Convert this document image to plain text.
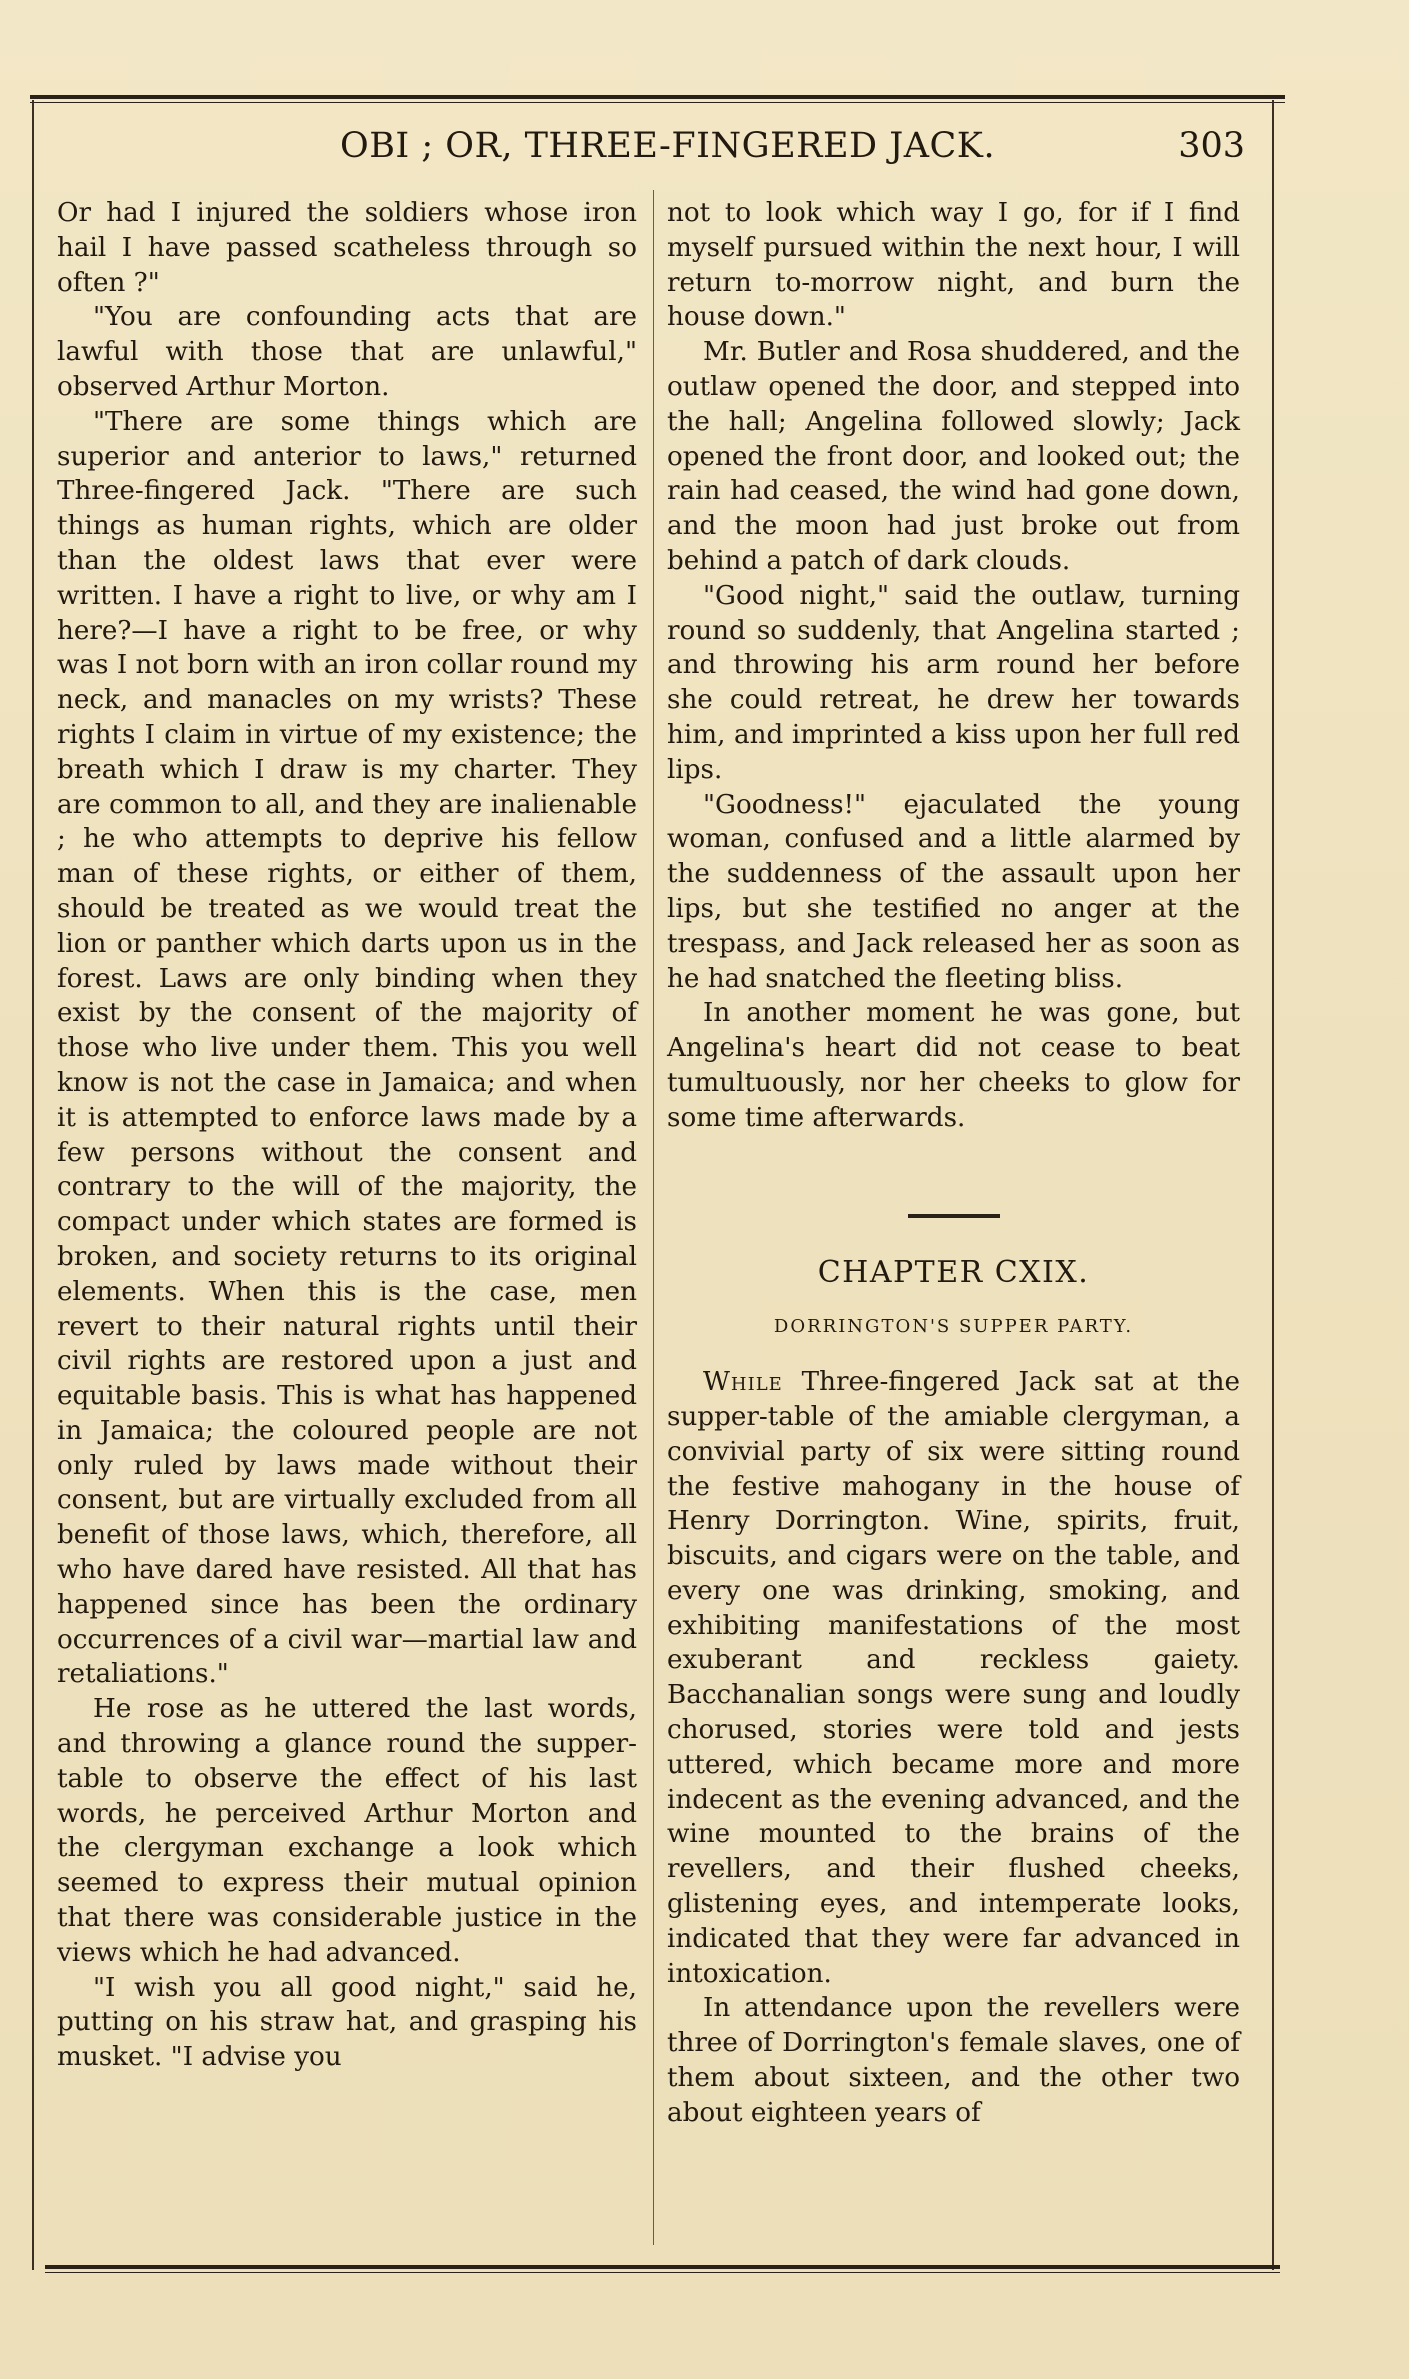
OBI ; OR, THREE-FINGERED JACK.	303

Or had I injured the soldiers whose iron hail I have passed scatheless through so often ?"

"You are confounding acts that are lawful with those that are unlawful," observed Arthur Morton.

"There are some things which are superior and anterior to laws," returned Three-fingered Jack. "There are such things as human rights, which are older than the oldest laws that ever were written. I have a right to live, or why am I here?—I have a right to be free, or why was I not born with an iron collar round my neck, and manacles on my wrists? These rights I claim in virtue of my existence; the breath which I draw is my charter. They are common to all, and they are inalienable ; he who attempts to deprive his fellow man of these rights, or either of them, should be treated as we would treat the lion or panther which darts upon us in the forest. Laws are only binding when they exist by the consent of the majority of those who live under them. This you well know is not the case in Jamaica; and when it is attempted to enforce laws made by a few persons without the consent and contrary to the will of the majority, the compact under which states are formed is broken, and society returns to its original elements. When this is the case, men revert to their natural rights until their civil rights are restored upon a just and equitable basis. This is what has happened in Jamaica; the coloured people are not only ruled by laws made without their consent, but are virtually excluded from all benefit of those laws, which, therefore, all who have dared have resisted. All that has happened since has been the ordinary occurrences of a civil war—martial law and retaliations."

He rose as he uttered the last words, and throwing a glance round the supper-table to observe the effect of his last words, he perceived Arthur Morton and the clergyman exchange a look which seemed to express their mutual opinion that there was considerable justice in the views which he had advanced.

"I wish you all good night," said he, putting on his straw hat, and grasping his musket. "I advise you

not to look which way I go, for if I find myself pursued within the next hour, I will return to-morrow night, and burn the house down."

Mr. Butler and Rosa shuddered, and the outlaw opened the door, and stepped into the hall; Angelina followed slowly; Jack opened the front door, and looked out; the rain had ceased, the wind had gone down, and the moon had just broke out from behind a patch of dark clouds.

"Good night," said the outlaw, turning round so suddenly, that Angelina started ; and throwing his arm round her before she could retreat, he drew her towards him, and imprinted a kiss upon her full red lips.

"Goodness!" ejaculated the young woman, confused and a little alarmed by the suddenness of the assault upon her lips, but she testified no anger at the trespass, and Jack released her as soon as he had snatched the fleeting bliss.

In another moment he was gone, but Angelina's heart did not cease to beat tumultuously, nor her cheeks to glow for some time afterwards.

CHAPTER CXIX.
DORRINGTON'S SUPPER PARTY.

While Three-fingered Jack sat at the supper-table of the amiable clergyman, a convivial party of six were sitting round the festive mahogany in the house of Henry Dorrington. Wine, spirits, fruit, biscuits, and cigars were on the table, and every one was drinking, smoking, and exhibiting manifestations of the most exuberant and reckless gaiety. Bacchanalian songs were sung and loudly chorused, stories were told and jests uttered, which became more and more indecent as the evening advanced, and the wine mounted to the brains of the revellers, and their flushed cheeks, glistening eyes, and intemperate looks, indicated that they were far advanced in intoxication.

In attendance upon the revellers were three of Dorrington's female slaves, one of them about sixteen, and the other two about eighteen years of
